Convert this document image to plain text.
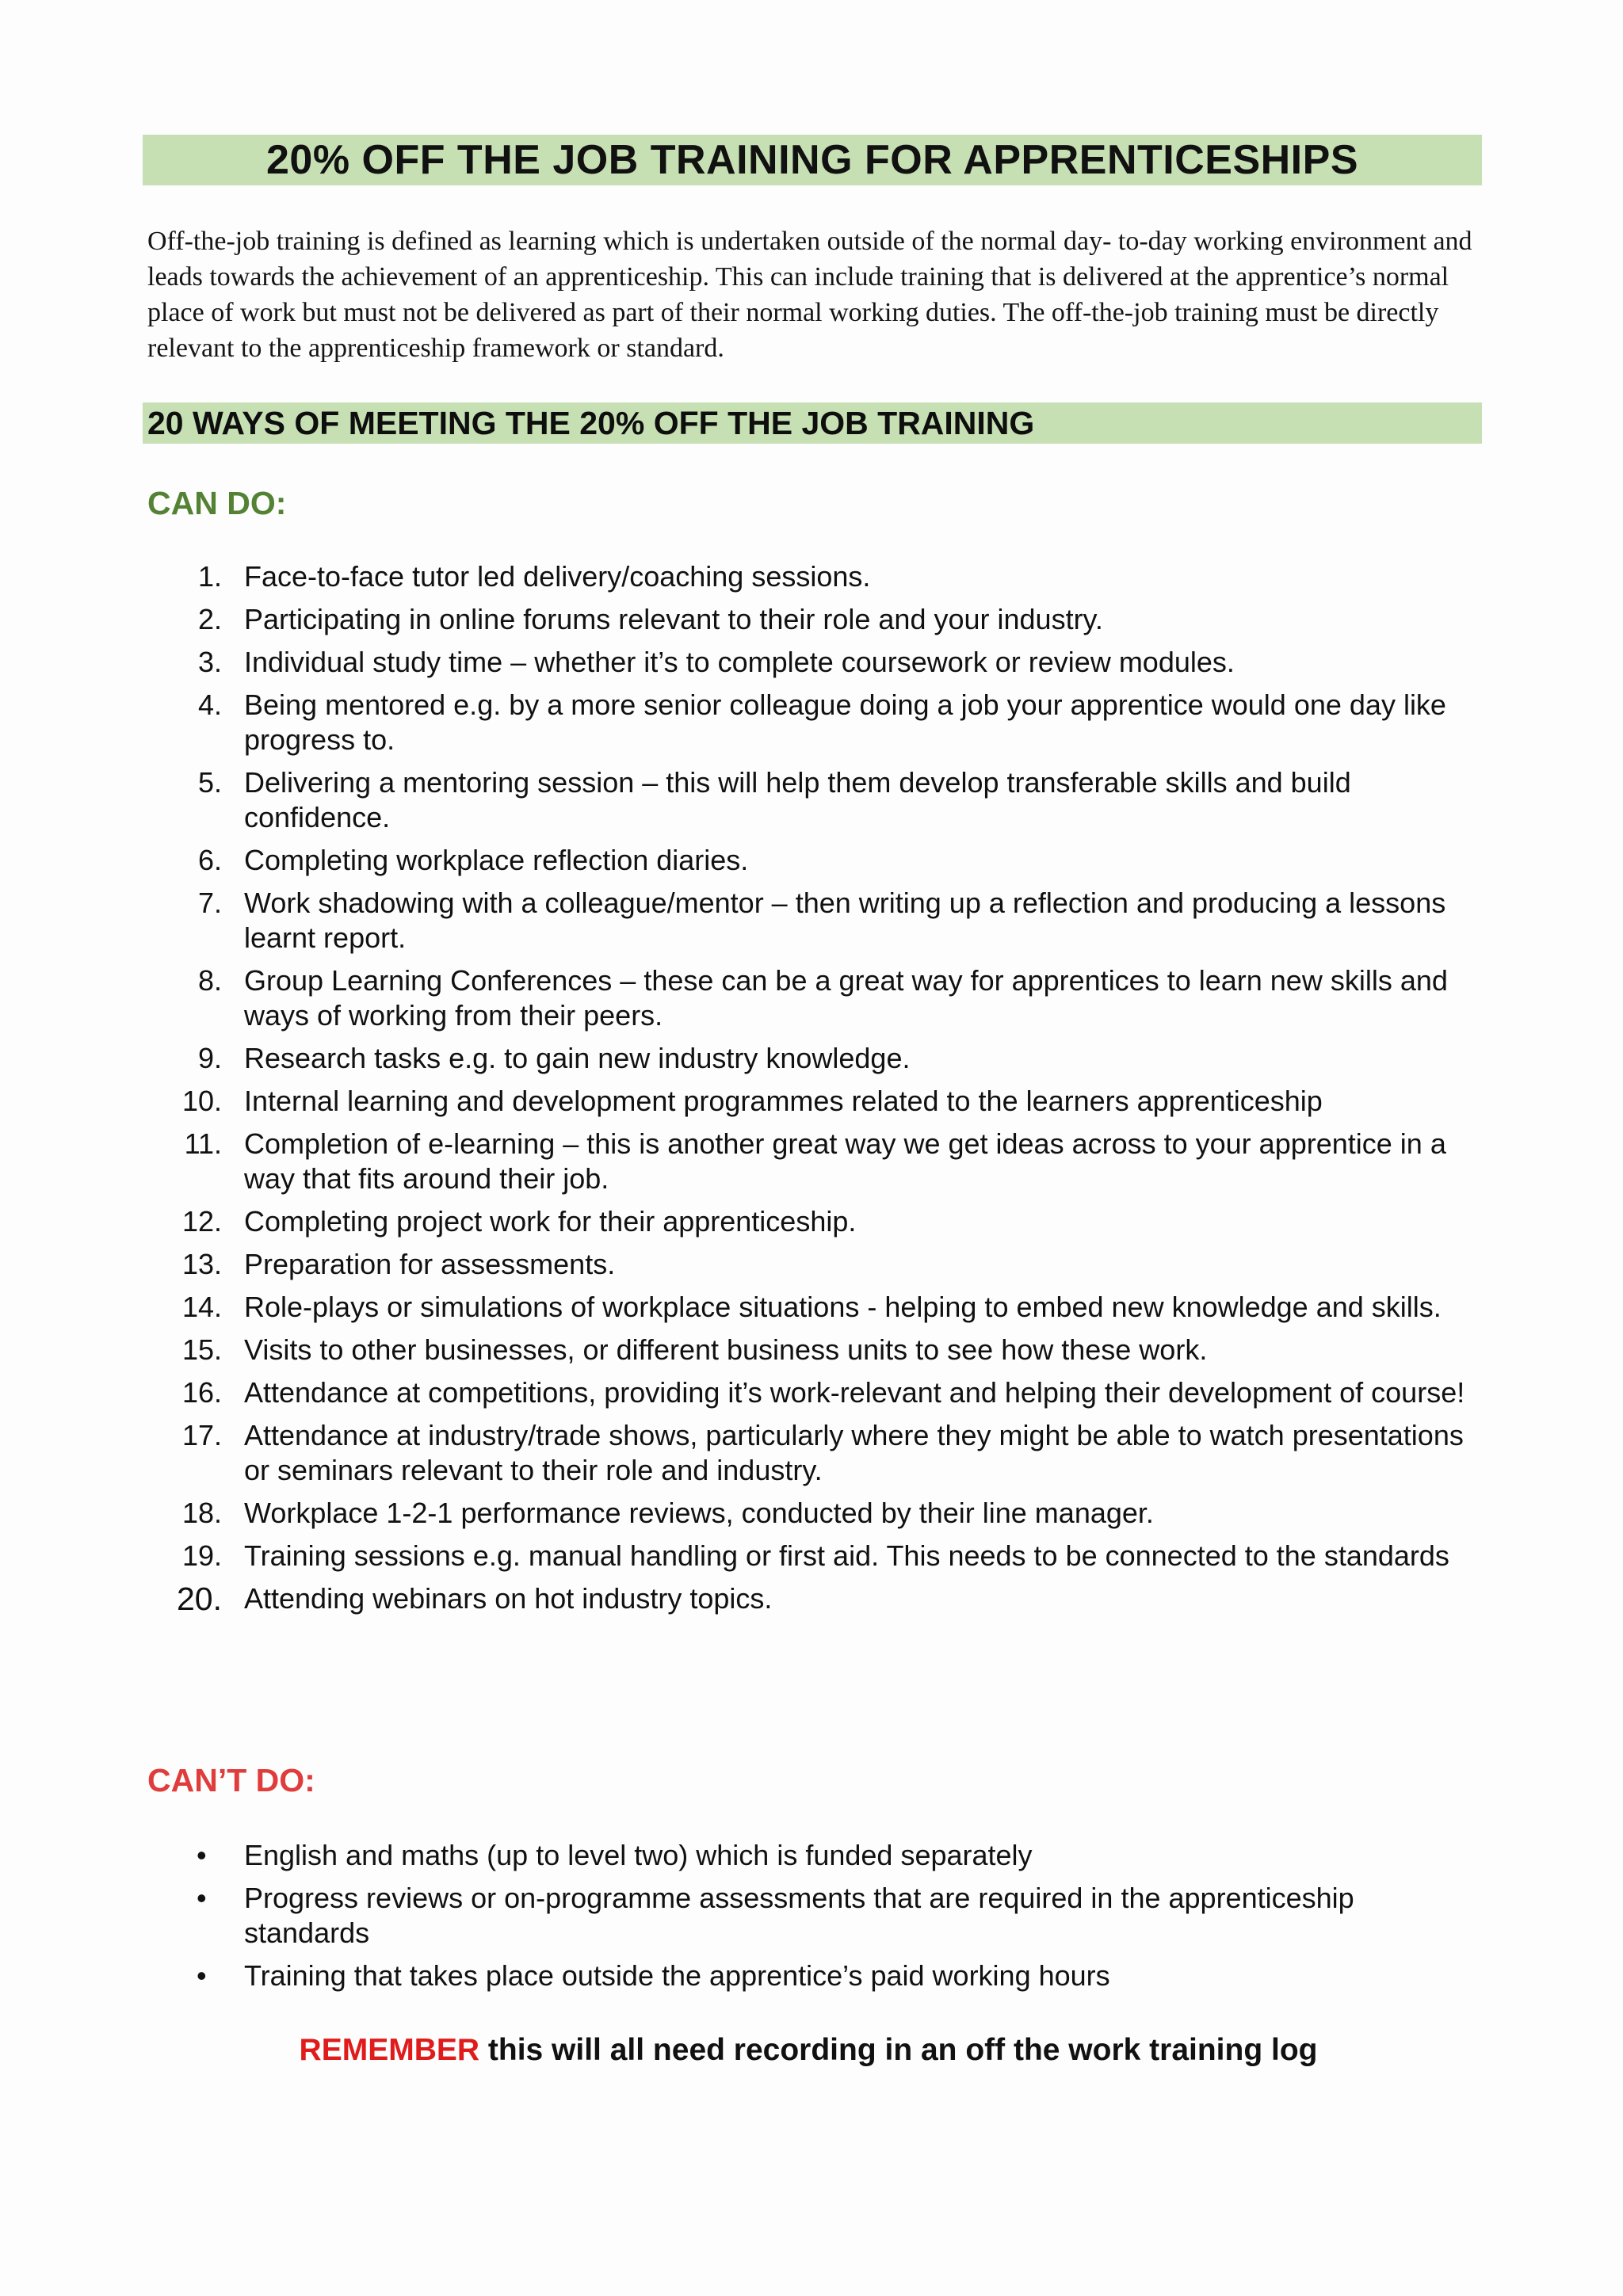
20% OFF THE JOB TRAINING FOR APPRENTICESHIPS

Off-the-job training is defined as learning which is undertaken outside of the normal day- to-day working environment and leads towards the achievement of an apprenticeship. This can include training that is delivered at the apprentice’s normal place of work but must not be delivered as part of their normal working duties. The off-the-job training must be directly relevant to the apprenticeship framework or standard.

20 WAYS OF MEETING THE 20% OFF THE JOB TRAINING
CAN DO:
1. Face-to-face tutor led delivery/coaching sessions.
2. Participating in online forums relevant to their role and your industry.
3. Individual study time – whether it’s to complete coursework or review modules.
4. Being mentored e.g. by a more senior colleague doing a job your apprentice would one day like progress to.
5. Delivering a mentoring session – this will help them develop transferable skills and build confidence.
6. Completing workplace reflection diaries.
7. Work shadowing with a colleague/mentor – then writing up a reflection and producing a lessons learnt report.
8. Group Learning Conferences – these can be a great way for apprentices to learn new skills and ways of working from their peers.
9. Research tasks e.g. to gain new industry knowledge.
10. Internal learning and development programmes related to the learners apprenticeship
11. Completion of e-learning – this is another great way we get ideas across to your apprentice in a way that fits around their job.
12. Completing project work for their apprenticeship.
13. Preparation for assessments.
14. Role-plays or simulations of workplace situations - helping to embed new knowledge and skills.
15. Visits to other businesses, or different business units to see how these work.
16. Attendance at competitions, providing it’s work-relevant and helping their development of course!
17. Attendance at industry/trade shows, particularly where they might be able to watch presentations or seminars relevant to their role and industry.
18. Workplace 1-2-1 performance reviews, conducted by their line manager.
19. Training sessions e.g. manual handling or first aid. This needs to be connected to the standards
20. Attending webinars on hot industry topics.
CAN’T DO:
• English and maths (up to level two) which is funded separately
• Progress reviews or on-programme assessments that are required in the apprenticeship standards
• Training that takes place outside the apprentice’s paid working hours

REMEMBER this will all need recording in an off the work training log
